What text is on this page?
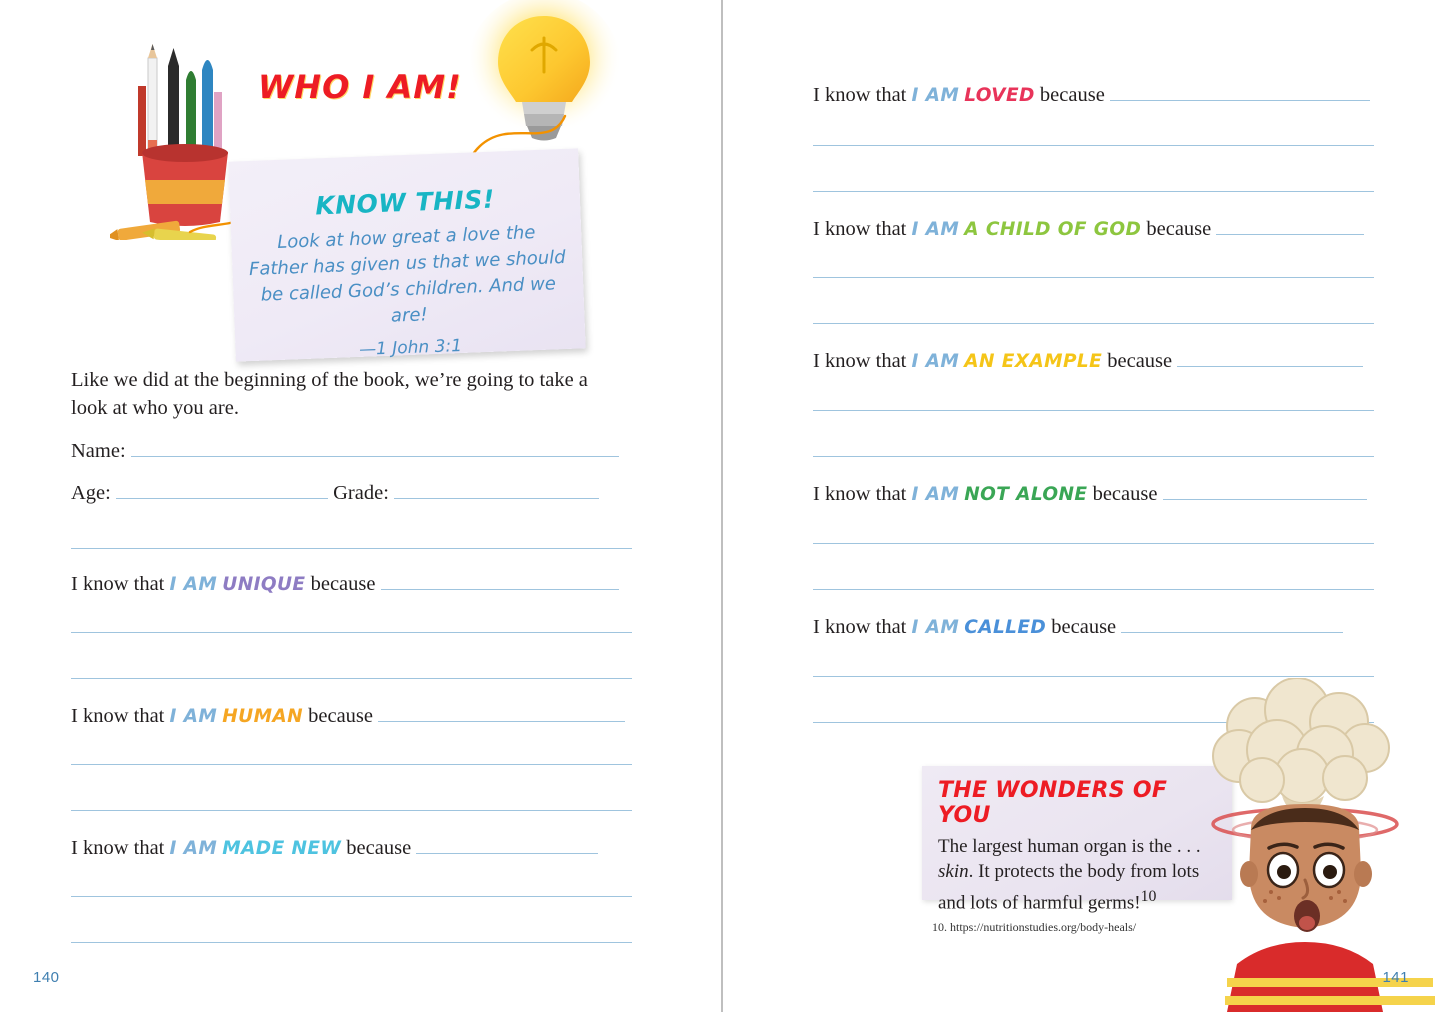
WHO I AM!
KNOW THIS!
Look at how great a love the Father has given us that we should be called God’s children. And we are!
—1 John 3:1
Like we did at the beginning of the book, we’re going to take a look at who you are.
Name:
Age:	Grade:
I know that I AM UNIQUE because
I know that I AM HUMAN because
I know that I AM MADE NEW because
140
I know that I AM LOVED because
I know that I AM A CHILD OF GOD because
I know that I AM AN EXAMPLE because
I know that I AM NOT ALONE because
I know that I AM CALLED because
THE WONDERS OF YOU
The largest human organ is the . . . skin. It protects the body from lots and lots of harmful germs!$^{10}$
10. https://nutritionstudies.org/body-heals/
141
